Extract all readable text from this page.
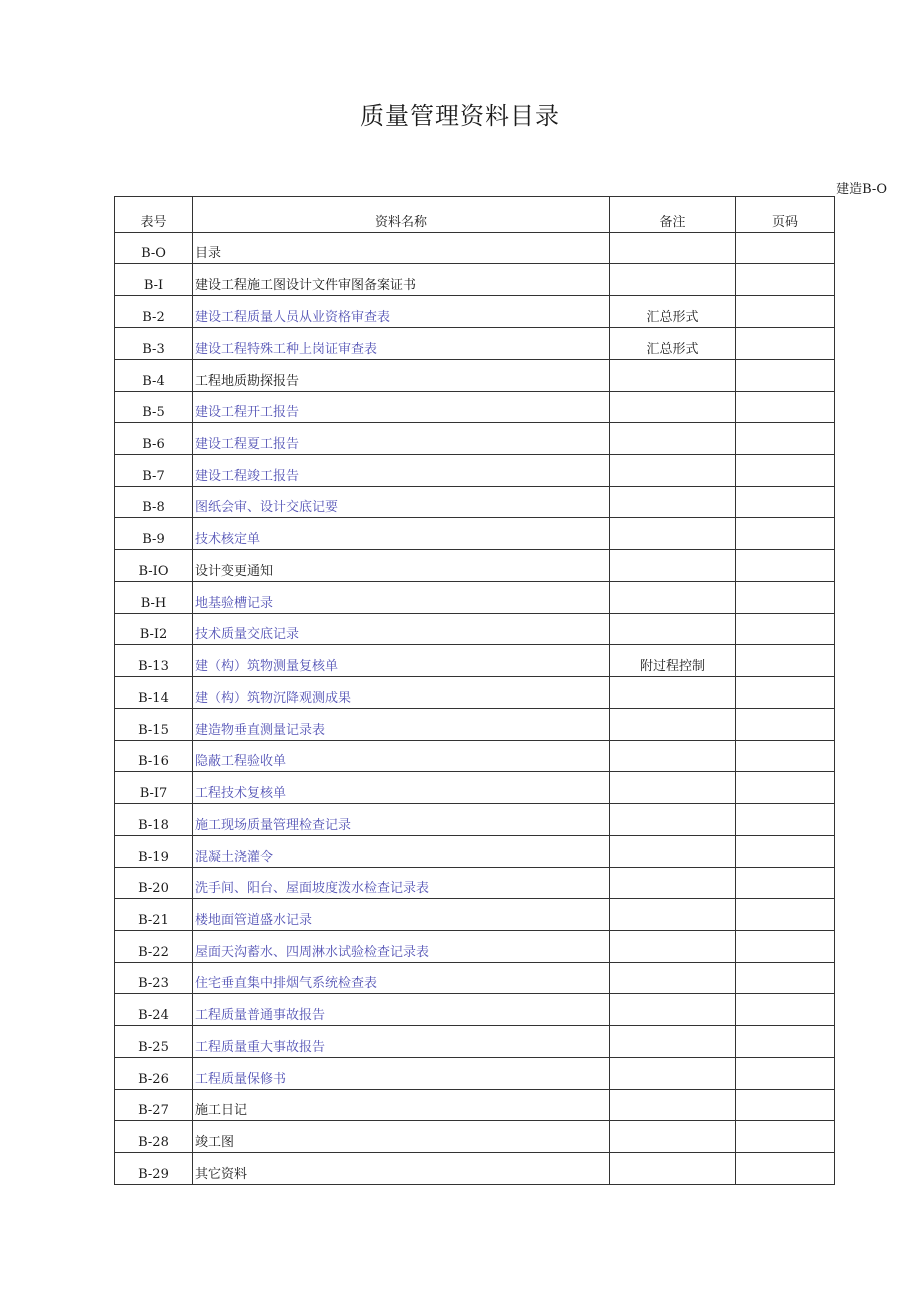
质量管理资料目录
建造B-O
表号	资料名称	备注	页码
B-O	目录		
B-I	建设工程施工图设计文件审图备案证书		
B-2	建设工程质量人员从业资格审查表	汇总形式	
B-3	建设工程特殊工种上岗证审查表	汇总形式	
B-4	工程地质勘探报告		
B-5	建设工程开工报告		
B-6	建设工程夏工报告		
B-7	建设工程竣工报告		
B-8	图纸会审、设计交底记要		
B-9	技术核定单		
B-IO	设计变更通知		
B-H	地基验槽记录		
B-I2	技术质量交底记录		
B-13	建（构）筑物测量复核单	附过程控制	
B-14	建（构）筑物沉降观测成果		
B-15	建造物垂直测量记录表		
B-16	隐蔽工程验收单		
B-I7	工程技术复核单		
B-18	施工现场质量管理检查记录		
B-19	混凝土浇灌令		
B-20	洗手间、阳台、屋面坡度泼水检查记录表		
B-21	楼地面管道盛水记录		
B-22	屋面天沟蓄水、四周淋水试验检查记录表		
B-23	住宅垂直集中排烟气系统检查表		
B-24	工程质量普通事故报告		
B-25	工程质量重大事故报告		
B-26	工程质量保修书		
B-27	施工日记		
B-28	竣工图		
B-29	其它资料		
